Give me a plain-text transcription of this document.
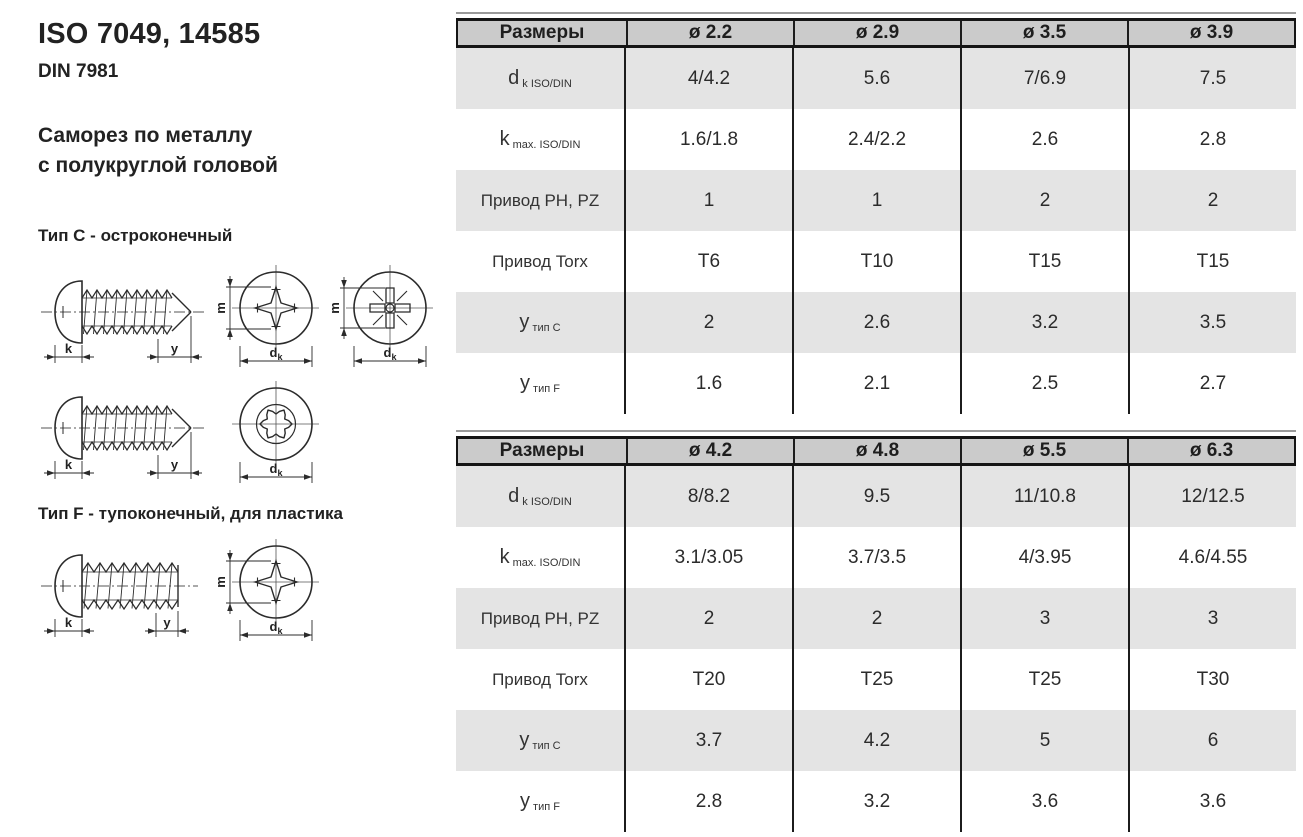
ISO 7049, 14585
DIN 7981
Саморез по металлу
с полукруглой головой
Тип C - остроконечный
Тип F - тупоконечный, для пластика
Размеры	ø 2.2	ø 2.9	ø 3.5	ø 3.9
d k ISO/DIN	4/4.2	5.6	7/6.9	7.5
k max. ISO/DIN	1.6/1.8	2.4/2.2	2.6	2.8
Привод PH, PZ	1	1	2	2
Привод Torx	T6	T10	T15	T15
у тип C	2	2.6	3.2	3.5
у тип F	1.6	2.1	2.5	2.7
Размеры	ø 4.2	ø 4.8	ø 5.5	ø 6.3
d k ISO/DIN	8/8.2	9.5	11/10.8	12/12.5
k max. ISO/DIN	3.1/3.05	3.7/3.5	4/3.95	4.6/4.55
Привод PH, PZ	2	2	3	3
Привод Torx	T20	T25	T25	T30
у тип C	3.7	4.2	5	6
у тип F	2.8	3.2	3.6	3.6
